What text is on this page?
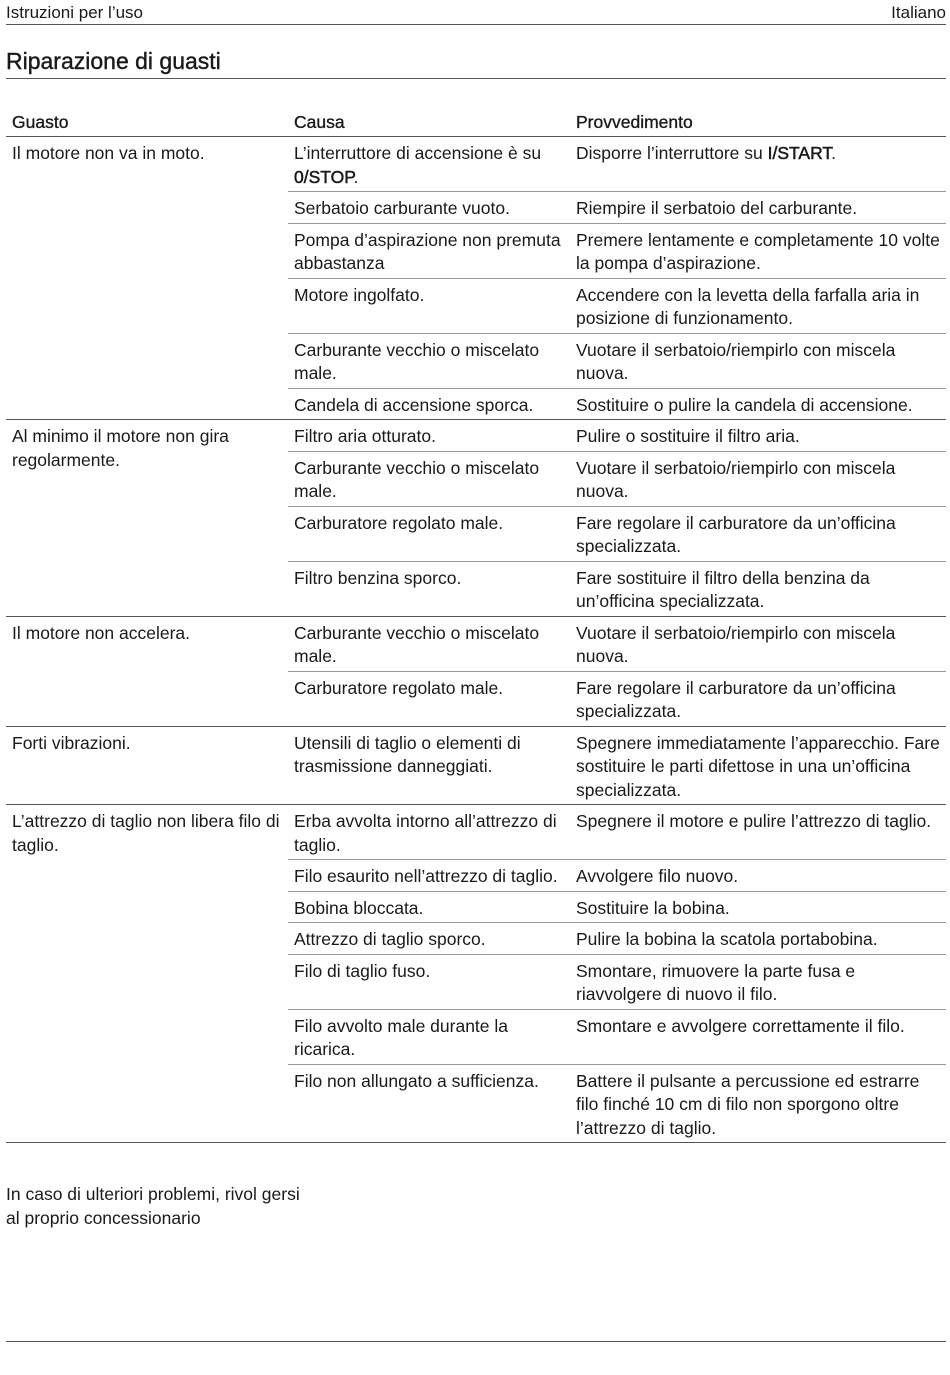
Istruzioni per l’uso	Italiano
Riparazione di guasti
Guasto	Causa	Provvedimento
Il motore non va in moto.	L’interruttore di accensione è su 0/STOP.	Disporre l’interruttore su I/START.
	Serbatoio carburante vuoto.	Riempire il serbatoio del carburante.
	Pompa d’aspirazione non premuta abbastanza	Premere lentamente e completamente 10 volte la pompa d’aspirazione.
	Motore ingolfato.	Accendere con la levetta della farfalla aria in posizione di funzionamento.
	Carburante vecchio o miscelato male.	Vuotare il serbatoio/riempirlo con miscela nuova.
	Candela di accensione sporca.	Sostituire o pulire la candela di accensione.
Al minimo il motore non gira regolarmente.	Filtro aria otturato.	Pulire o sostituire il filtro aria.
	Carburante vecchio o miscelato male.	Vuotare il serbatoio/riempirlo con miscela nuova.
	Carburatore regolato male.	Fare regolare il carburatore da un’officina specializzata.
	Filtro benzina sporco.	Fare sostituire il filtro della benzina da un’officina specializzata.
Il motore non accelera.	Carburante vecchio o miscelato male.	Vuotare il serbatoio/riempirlo con miscela nuova.
	Carburatore regolato male.	Fare regolare il carburatore da un’officina specializzata.
Forti vibrazioni.	Utensili di taglio o elementi di trasmissione danneggiati.	Spegnere immediatamente l’apparecchio. Fare sostituire le parti difettose in una un’officina specializzata.
L’attrezzo di taglio non libera filo di taglio.	Erba avvolta intorno all’attrezzo di taglio.	Spegnere il motore e pulire l’attrezzo di taglio.
	Filo esaurito nell’attrezzo di taglio.	Avvolgere filo nuovo.
	Bobina bloccata.	Sostituire la bobina.
	Attrezzo di taglio sporco.	Pulire la bobina la scatola portabobina.
	Filo di taglio fuso.	Smontare, rimuovere la parte fusa e riavvolgere di nuovo il filo.
	Filo avvolto male durante la ricarica.	Smontare e avvolgere correttamente il filo.
	Filo non allungato a sufficienza.	Battere il pulsante a percussione ed estrarre filo finché 10 cm di filo non sporgono oltre l’attrezzo di taglio.
In caso di ulteriori problemi, rivol gersi al proprio concessionario
